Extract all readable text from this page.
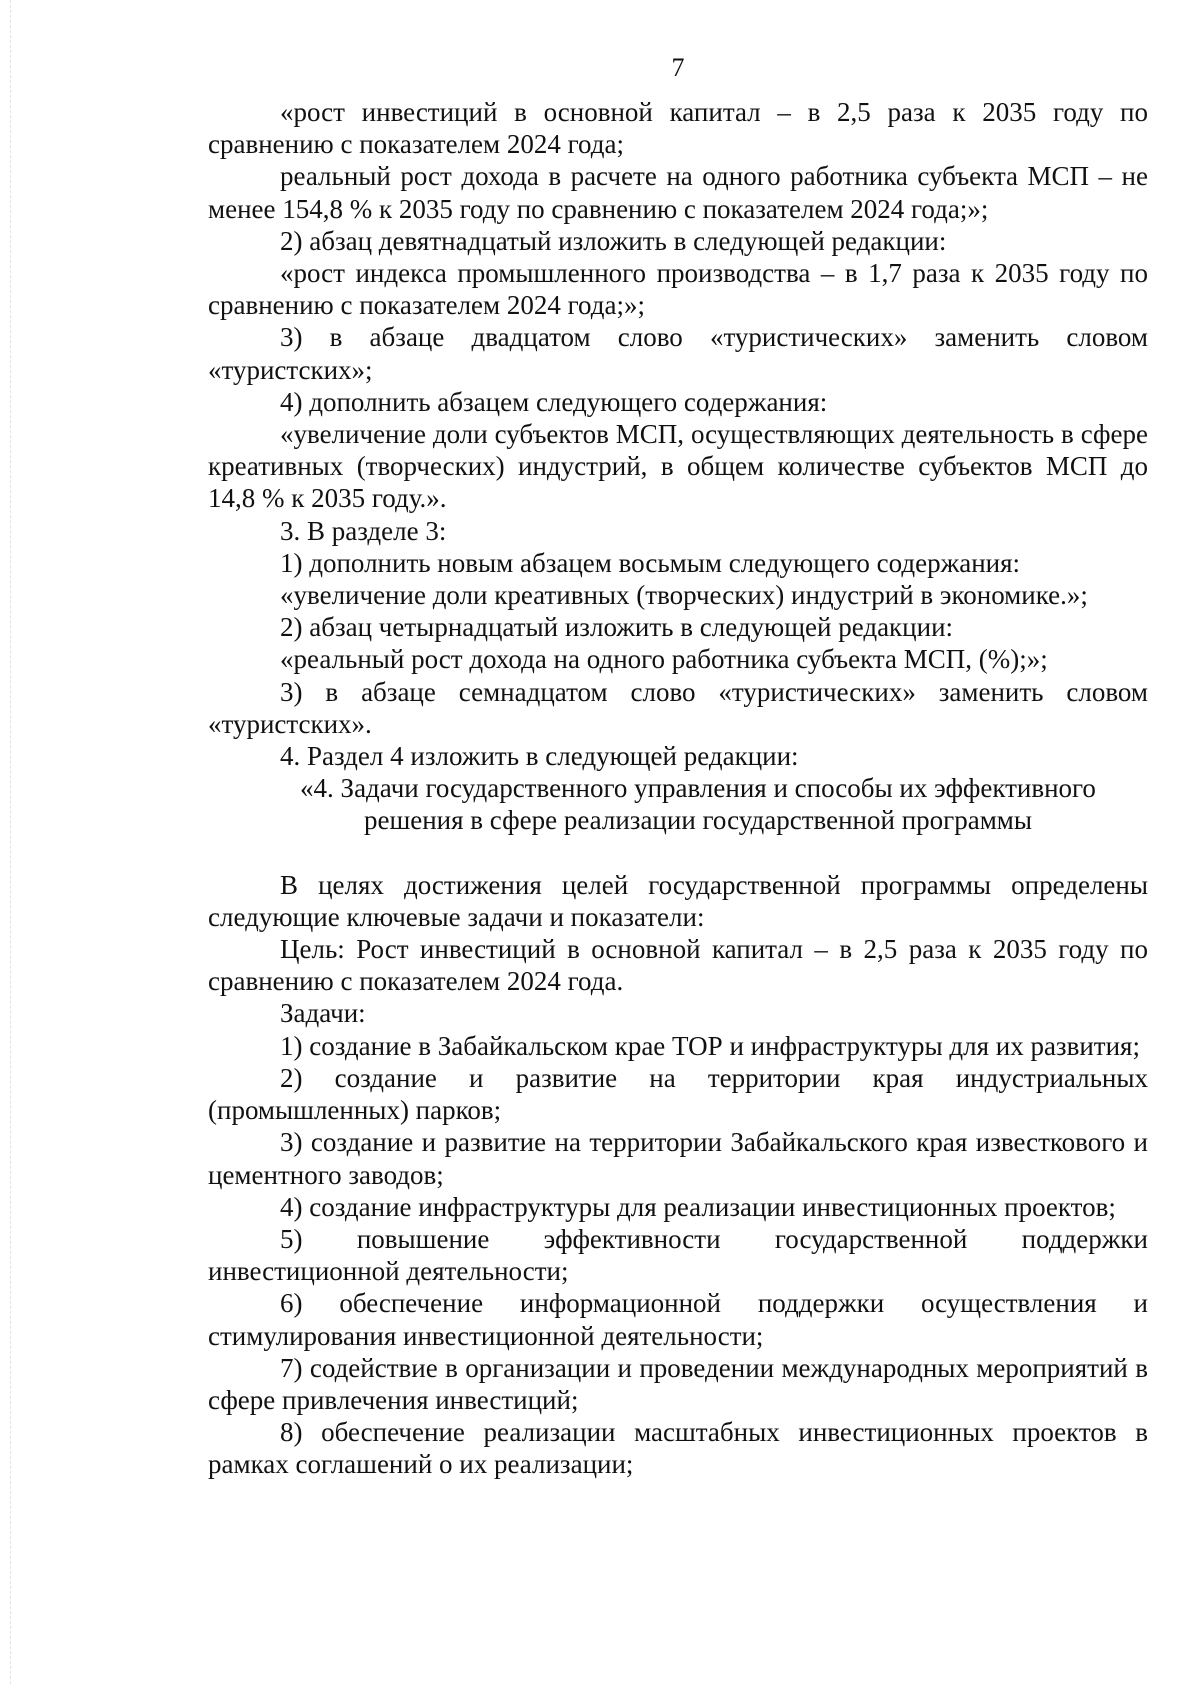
7

«рост инвестиций в основной капитал – в 2,5 раза к 2035 году по сравнению с показателем 2024 года;

реальный рост дохода в расчете на одного работника субъекта МСП – не менее 154,8 % к 2035 году по сравнению с показателем 2024 года;»;

2) абзац девятнадцатый изложить в следующей редакции:

«рост индекса промышленного производства – в 1,7 раза к 2035 году по сравнению с показателем 2024 года;»;

3) в абзаце двадцатом слово «туристических» заменить словом «туристских»;

4) дополнить абзацем следующего содержания:

«увеличение доли субъектов МСП, осуществляющих деятельность в сфере креативных (творческих) индустрий, в общем количестве субъектов МСП до 14,8 % к 2035 году.».

3. В разделе 3:

1) дополнить новым абзацем восьмым следующего содержания:

«увеличение доли креативных (творческих) индустрий в экономике.»;

2) абзац четырнадцатый изложить в следующей редакции:

«реальный рост дохода на одного работника субъекта МСП, (%);»;

3) в абзаце семнадцатом слово «туристических» заменить словом «туристских».

4. Раздел 4 изложить в следующей редакции:

«4. Задачи государственного управления и способы их эффективного

решения в сфере реализации государственной программы

В целях достижения целей государственной программы определены следующие ключевые задачи и показатели:

Цель: Рост инвестиций в основной капитал – в 2,5 раза к 2035 году по сравнению с показателем 2024 года.

Задачи:

1) создание в Забайкальском крае ТОР и инфраструктуры для их развития;

2) создание и развитие на территории края индустриальных (промышленных) парков;

3) создание и развитие на территории Забайкальского края известкового и цементного заводов;

4) создание инфраструктуры для реализации инвестиционных проектов;

5) повышение эффективности государственной поддержки инвестиционной деятельности;

6) обеспечение информационной поддержки осуществления и стимулирования инвестиционной деятельности;

7) содействие в организации и проведении международных мероприятий в сфере привлечения инвестиций;

8) обеспечение реализации масштабных инвестиционных проектов в рамках соглашений о их реализации;
